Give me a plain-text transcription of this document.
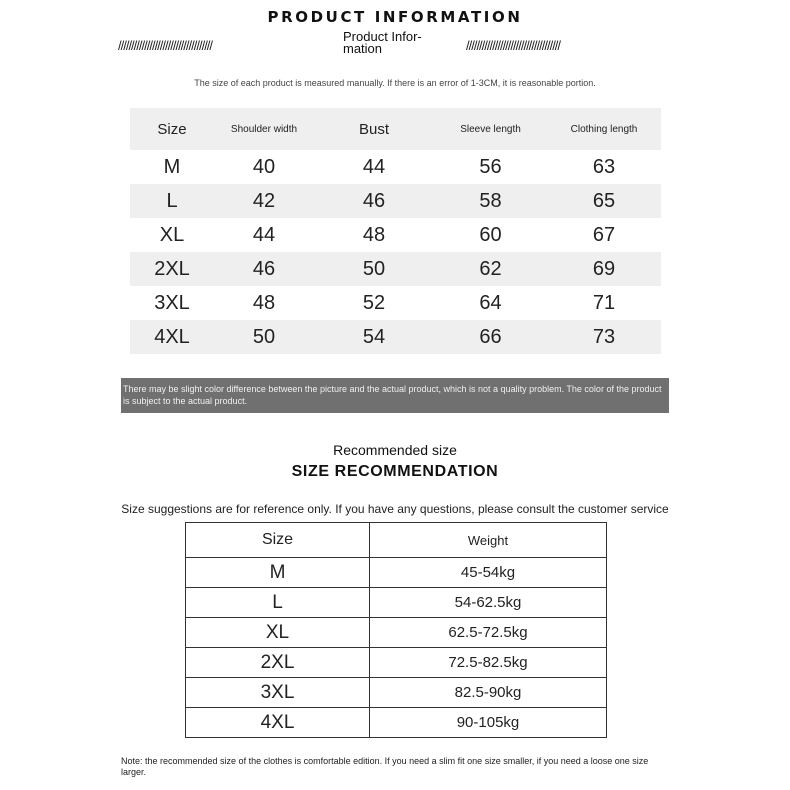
PRODUCT INFORMATION
////////////////////////////////////
Product Infor-
mation	////////////////////////////////////
The size of each product is measured manually. If there is an error of 1-3CM, it is reasonable portion.
Size	Shoulder width	Bust	Sleeve length	Clothing length
M	40	44	56	63
L	42	46	58	65
XL	44	48	60	67
2XL	46	50	62	69
3XL	48	52	64	71
4XL	50	54	66	73
There may be slight color difference between the picture and the actual product, which is not a quality problem. The color of the product is subject to the actual product.
Recommended size
SIZE RECOMMENDATION
Size suggestions are for reference only. If you have any questions, please consult the customer service
Size	Weight
M	45-54kg
L	54-62.5kg
XL	62.5-72.5kg
2XL	72.5-82.5kg
3XL	82.5-90kg
4XL	90-105kg
Note: the recommended size of the clothes is comfortable edition. If you need a slim fit one size smaller, if you need a loose one size larger.
